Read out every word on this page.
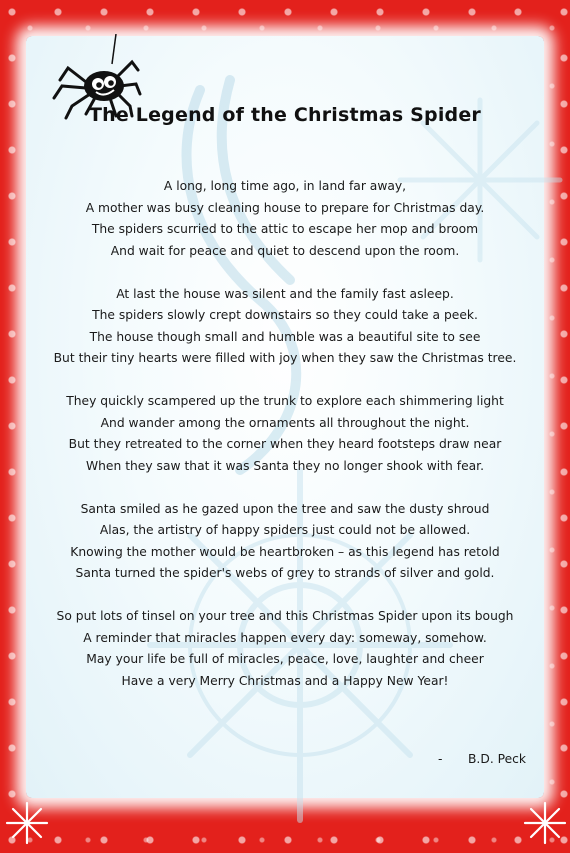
The Legend of the Christmas Spider
A long, long time ago, in land far away,
A mother was busy cleaning house to prepare for Christmas day.
The spiders scurried to the attic to escape her mop and broom
And wait for peace and quiet to descend upon the room.
At last the house was silent and the family fast asleep.
The spiders slowly crept downstairs so they could take a peek.
The house though small and humble was a beautiful site to see
But their tiny hearts were filled with joy when they saw the Christmas tree.
They quickly scampered up the trunk to explore each shimmering light
And wander among the ornaments all throughout the night.
But they retreated to the corner when they heard footsteps draw near
When they saw that it was Santa they no longer shook with fear.
Santa smiled as he gazed upon the tree and saw the dusty shroud
Alas, the artistry of happy spiders just could not be allowed.
Knowing the mother would be heartbroken – as this legend has retold
Santa turned the spider's webs of grey to strands of silver and gold.
So put lots of tinsel on your tree and this Christmas Spider upon its bough
A reminder that miracles happen every day: someway, somehow.
May your life be full of miracles, peace, love, laughter and cheer
Have a very Merry Christmas and a Happy New Year!
- B.D. Peck
